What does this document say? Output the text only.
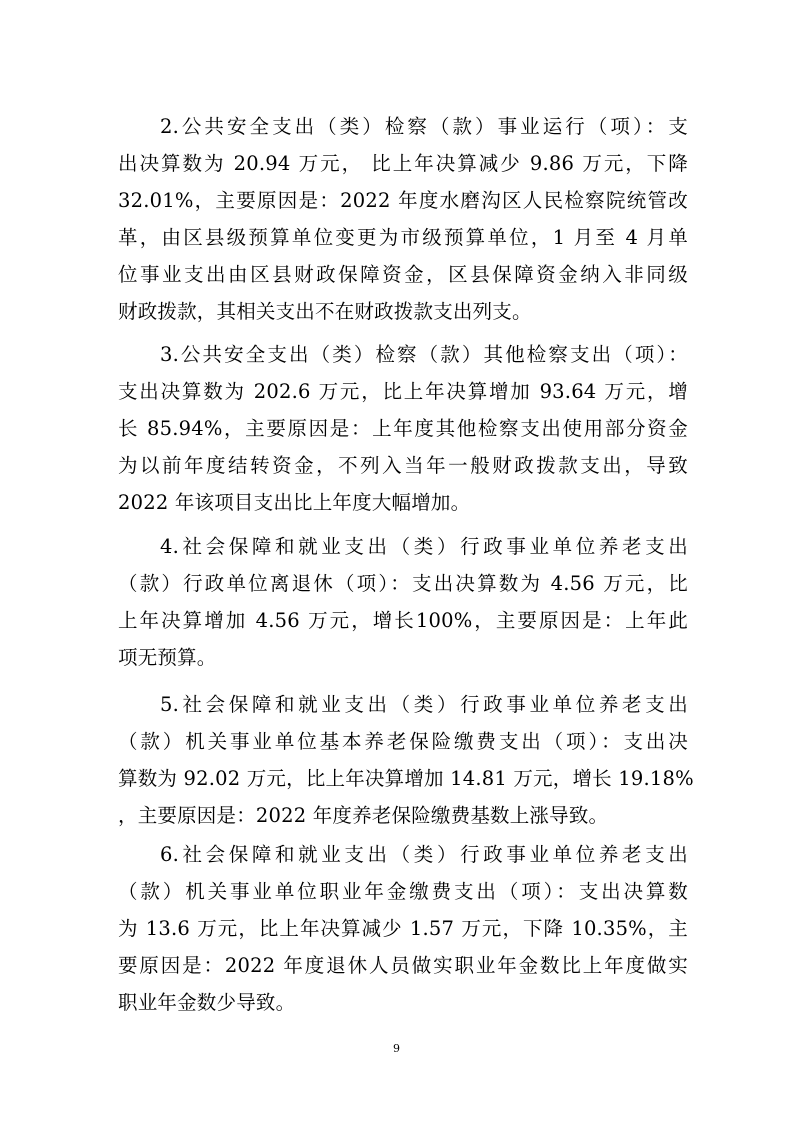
2.公共安全支出（类）检察（款）事业运行（项）：支
出决算数为 20.94 万元， 比上年决算减少 9.86 万元，下降
32.01%，主要原因是：2022 年度水磨沟区人民检察院统管改
革，由区县级预算单位变更为市级预算单位，1 月至 4 月单
位事业支出由区县财政保障资金，区县保障资金纳入非同级
财政拨款，其相关支出不在财政拨款支出列支。

3.公共安全支出（类）检察（款）其他检察支出（项）：
支出决算数为 202.6 万元，比上年决算增加 93.64 万元，增
长 85.94%，主要原因是：上年度其他检察支出使用部分资金
为以前年度结转资金，不列入当年一般财政拨款支出，导致
2022 年该项目支出比上年度大幅增加。

4.社会保障和就业支出（类）行政事业单位养老支出
（款）行政单位离退休（项）：支出决算数为 4.56 万元，比
上年决算增加 4.56 万元，增长100%，主要原因是：上年此
项无预算。

5.社会保障和就业支出（类）行政事业单位养老支出
（款）机关事业单位基本养老保险缴费支出（项）：支出决
算数为 92.02 万元，比上年决算增加 14.81 万元，增长 19.18%
，主要原因是：2022 年度养老保险缴费基数上涨导致。

6.社会保障和就业支出（类）行政事业单位养老支出
（款）机关事业单位职业年金缴费支出（项）：支出决算数
为 13.6 万元，比上年决算减少 1.57 万元，下降 10.35%，主
要原因是：2022 年度退休人员做实职业年金数比上年度做实
职业年金数少导致。

9
